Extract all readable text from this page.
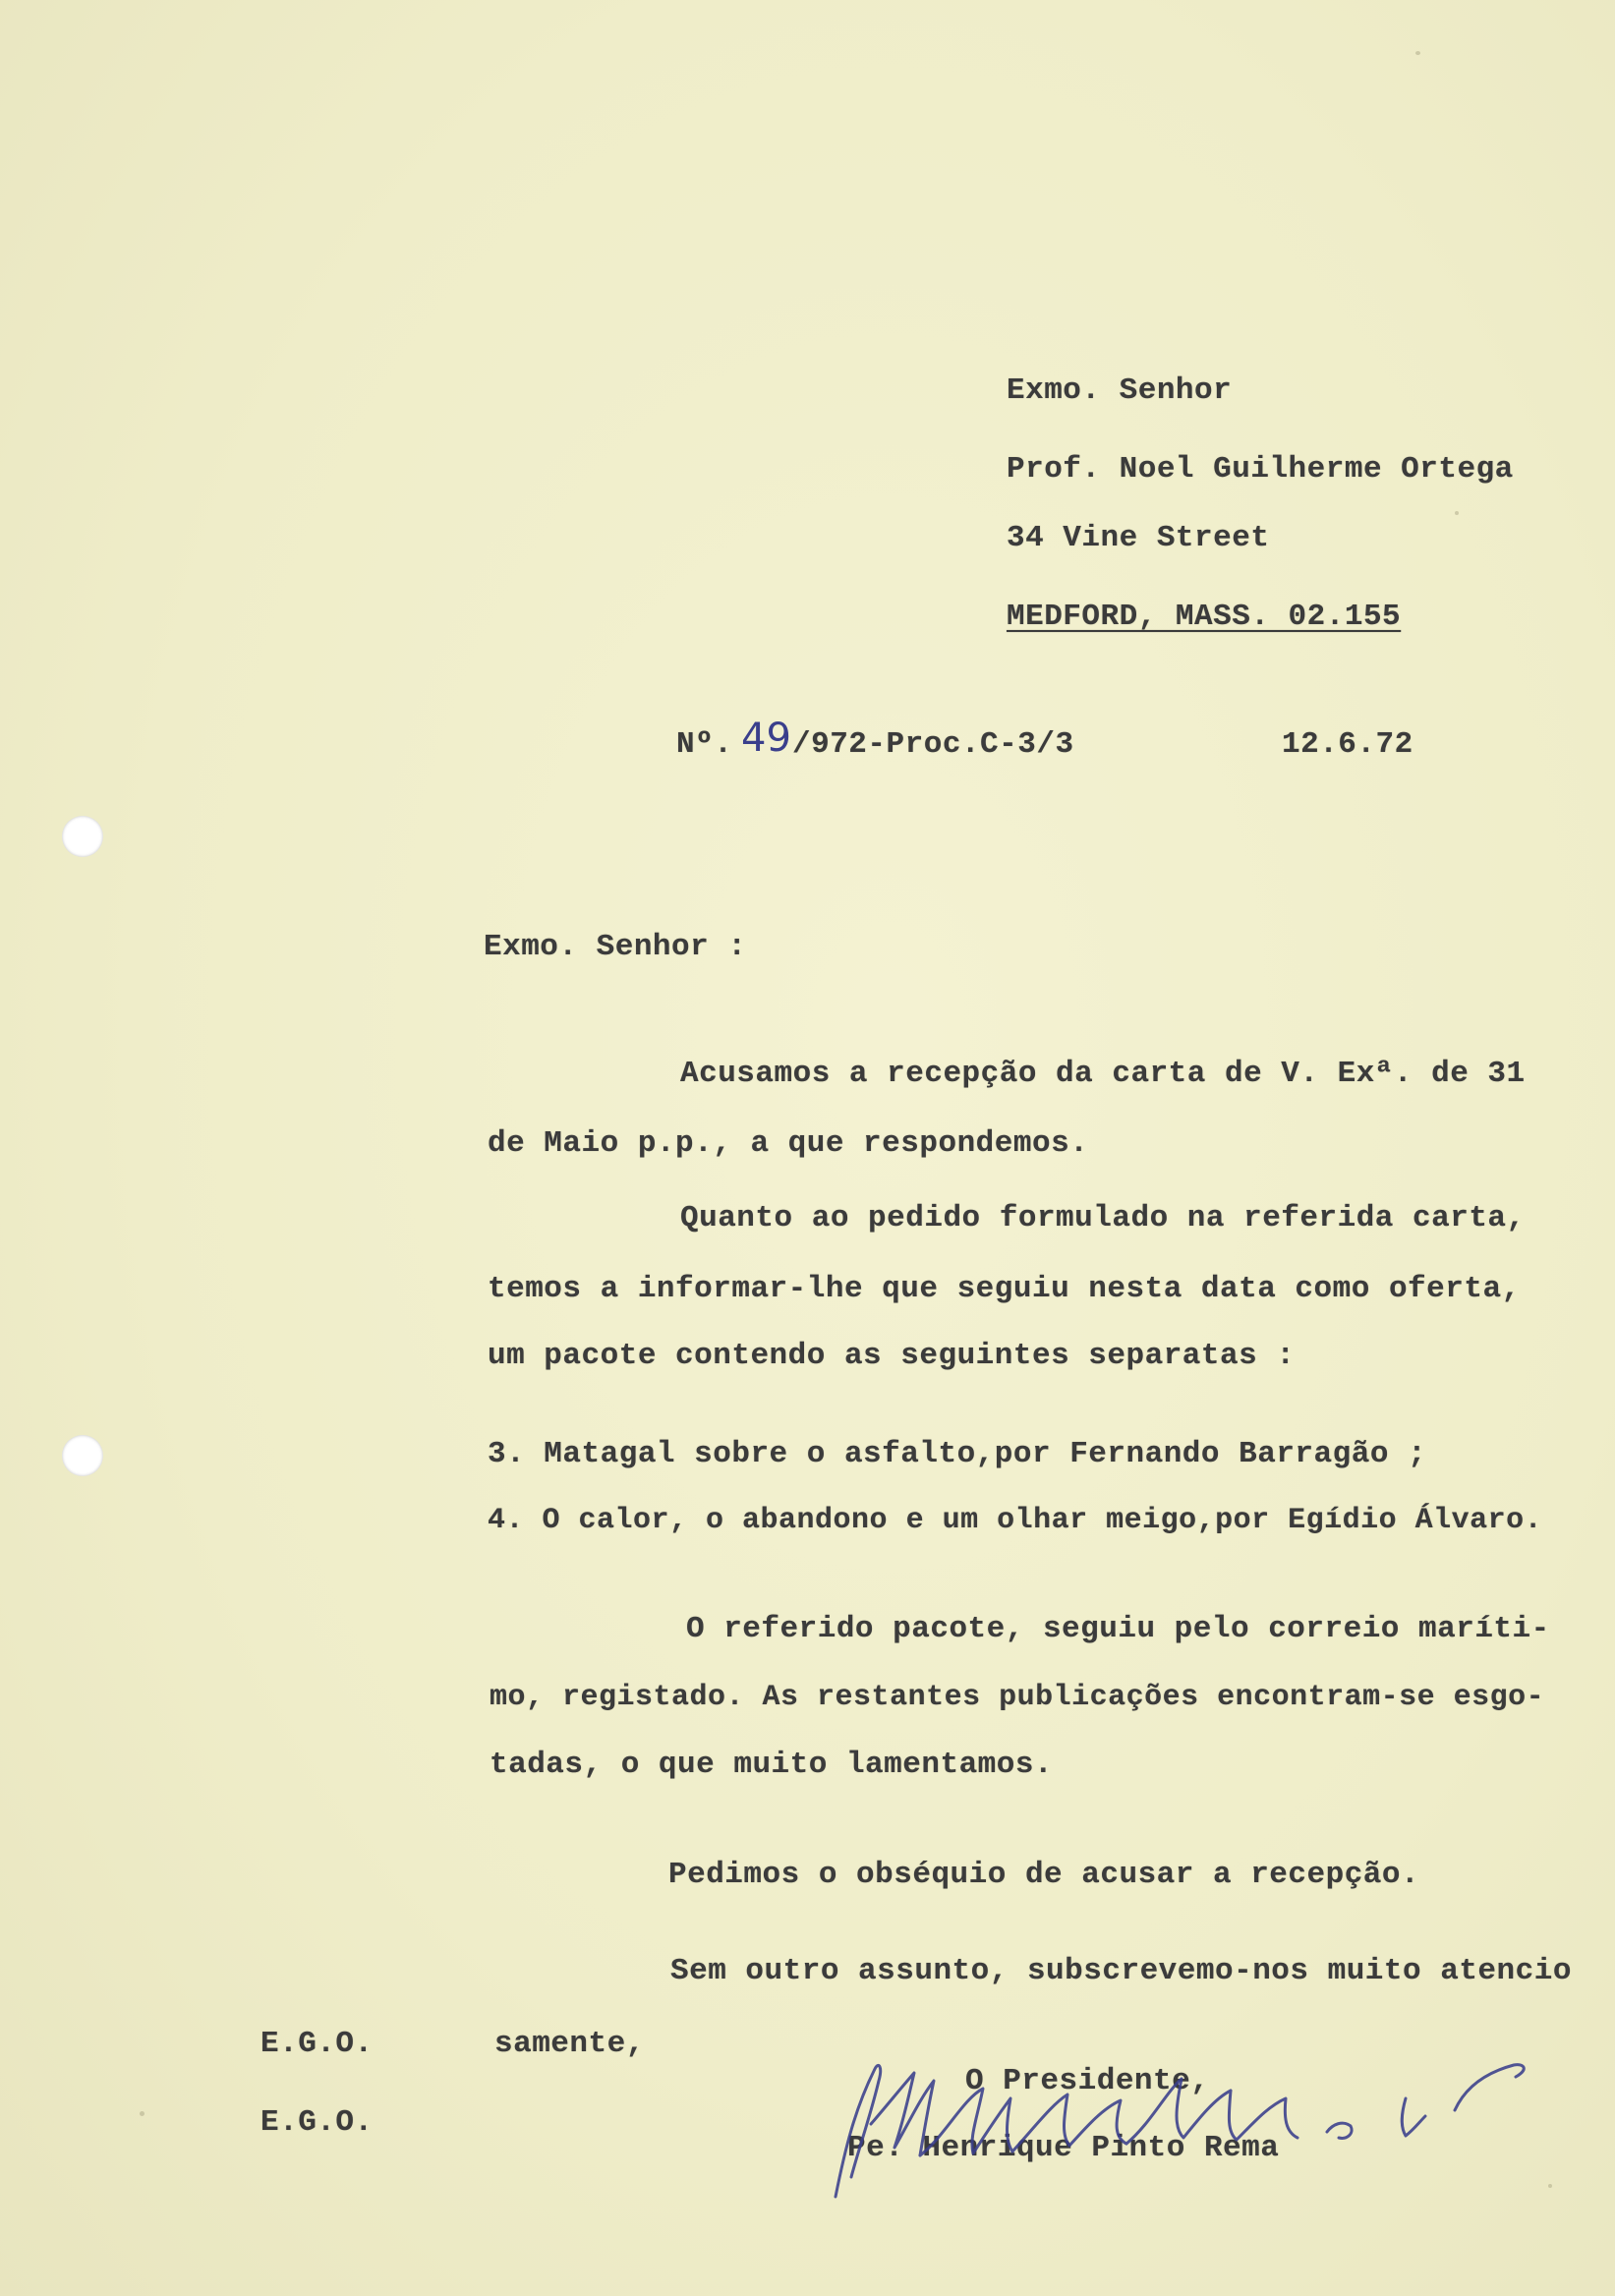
Exmo. Senhor
Prof. Noel Guilherme Ortega
34 Vine Street
MEDFORD, MASS. 02.155
Nº. 49 /972-Proc.C-3/3	12.6.72
Exmo. Senhor :
Acusamos a recepção da carta de V. Exª. de 31
de Maio p.p., a que respondemos.
Quanto ao pedido formulado na referida carta,
temos a informar-lhe que seguiu nesta data como oferta,
um pacote contendo as seguintes separatas :
3. Matagal sobre o asfalto,por Fernando Barragão ;
4. O calor, o abandono e um olhar meigo,por Egídio Álvaro.
O referido pacote, seguiu pelo correio maríti-
mo, registado. As restantes publicações encontram-se esgo-
tadas, o que muito lamentamos.
Pedimos o obséquio de acusar a recepção.
Sem outro assunto, subscrevemo-nos muito atencio
samente,
E.G.O.
E.G.O.
O Presidente,
Pe. Henrique Pinto Rema
